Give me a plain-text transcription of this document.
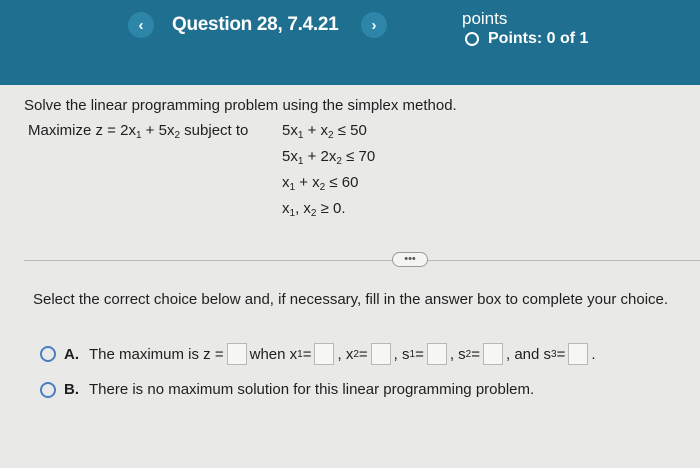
‹	Question 28, 7.4.21	›	points
Points: 0 of 1
Solve the linear programming problem using the simplex method.
Maximize $z = 2x_1 + 5x_2$ subject to $5x_1 + x_2 \le 50$
$5x_1 + 2x_2 \le 70$
$x_1 + x_2 \le 60$
$x_1$, $x_2 \ge 0$.
•••
Select the correct choice below and, if necessary, fill in the answer box to complete your choice.
A. The maximum is z = when x 1 = , x 2 = , s 1 = , s 2 = , and s 3 = .
B. There is no maximum solution for this linear programming problem.
